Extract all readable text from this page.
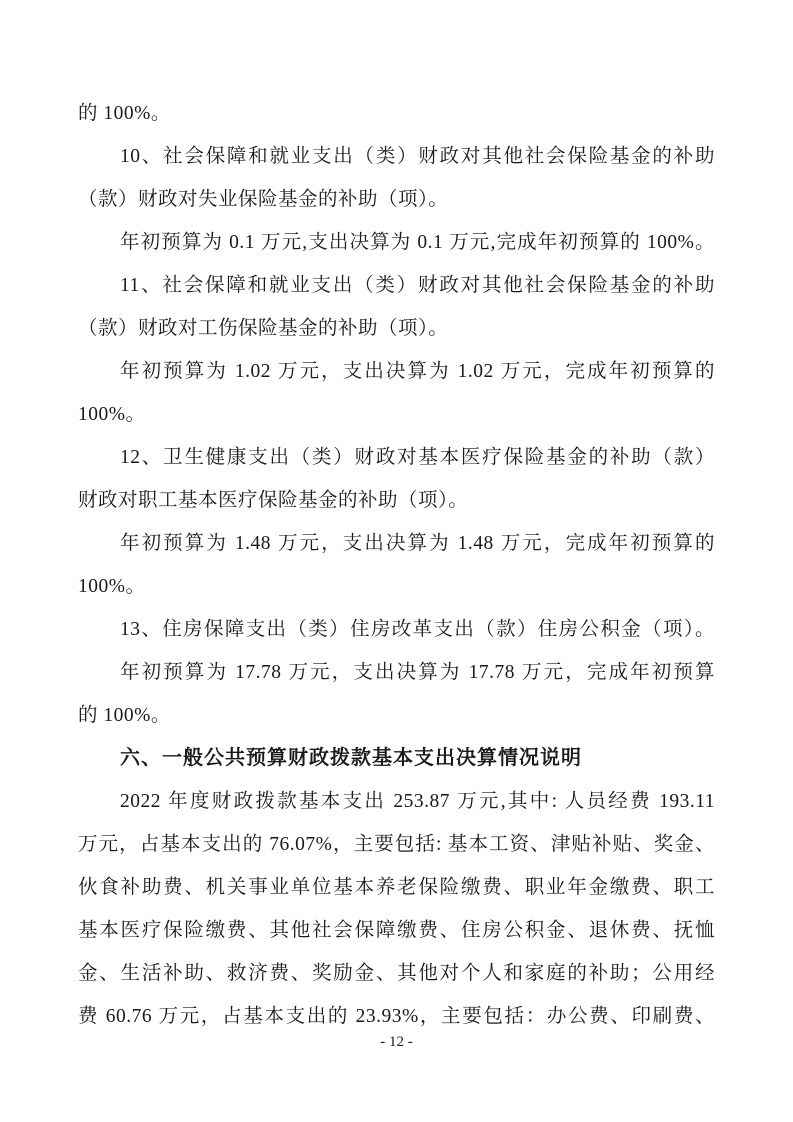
的 100%。
10、社会保障和就业支出（类）财政对其他社会保险基金的补助
（款）财政对失业保险基金的补助（项）。
年初预算为 0.1 万元,支出决算为 0.1 万元,完成年初预算的 100%。
11、社会保障和就业支出（类）财政对其他社会保险基金的补助
（款）财政对工伤保险基金的补助（项）。
年初预算为 1.02 万元，支出决算为 1.02 万元，完成年初预算的
100%。
12、卫生健康支出（类）财政对基本医疗保险基金的补助（款）
财政对职工基本医疗保险基金的补助（项）。
年初预算为 1.48 万元，支出决算为 1.48 万元，完成年初预算的
100%。
13、住房保障支出（类）住房改革支出（款）住房公积金（项）。
年初预算为 17.78 万元，支出决算为 17.78 万元，完成年初预算
的 100%。
六、一般公共预算财政拨款基本支出决算情况说明
2022 年度财政拨款基本支出 253.87 万元,其中: 人员经费 193.11
万元，占基本支出的 76.07%，主要包括: 基本工资、津贴补贴、奖金、
伙食补助费、机关事业单位基本养老保险缴费、职业年金缴费、职工
基本医疗保险缴费、其他社会保障缴费、住房公积金、退休费、抚恤
金、生活补助、救济费、奖励金、其他对个人和家庭的补助；公用经
费 60.76 万元，占基本支出的 23.93%，主要包括：办公费、印刷费、
- 12 -
